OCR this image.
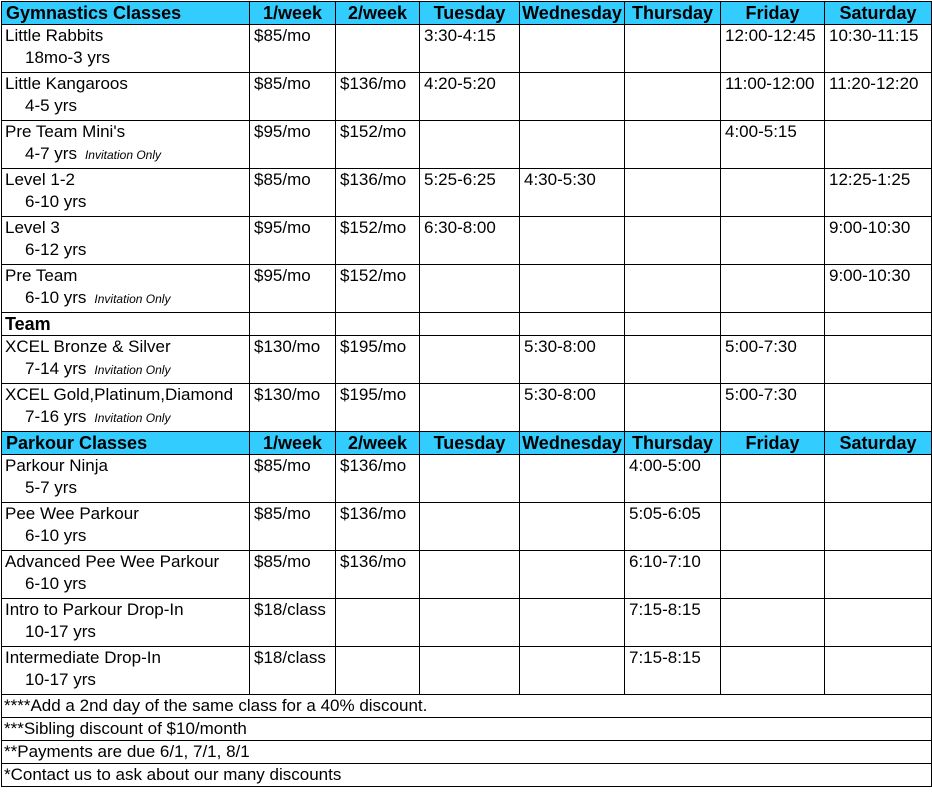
Gymnastics Classes	1/week	2/week	Tuesday	Wednesday	Thursday	Friday	Saturday
Little Rabbits
18mo-3 yrs	$85/mo		3:30-4:15			12:00-12:45	10:30-11:15
Little Kangaroos
4-5 yrs	$85/mo	$136/mo	4:20-5:20			11:00-12:00	11:20-12:20
Pre Team Mini's
4-7 yrs Invitation Only	$95/mo	$152/mo				4:00-5:15	
Level 1-2
6-10 yrs	$85/mo	$136/mo	5:25-6:25	4:30-5:30			12:25-1:25
Level 3
6-12 yrs	$95/mo	$152/mo	6:30-8:00				9:00-10:30
Pre Team
6-10 yrs Invitation Only	$95/mo	$152/mo					9:00-10:30
Team							
XCEL Bronze & Silver
7-14 yrs Invitation Only	$130/mo	$195/mo		5:30-8:00		5:00-7:30	
XCEL Gold,Platinum,Diamond
7-16 yrs Invitation Only	$130/mo	$195/mo		5:30-8:00		5:00-7:30	
Parkour Classes	1/week	2/week	Tuesday	Wednesday	Thursday	Friday	Saturday
Parkour Ninja
5-7 yrs	$85/mo	$136/mo			4:00-5:00		
Pee Wee Parkour
6-10 yrs	$85/mo	$136/mo			5:05-6:05		
Advanced Pee Wee Parkour
6-10 yrs	$85/mo	$136/mo			6:10-7:10		
Intro to Parkour Drop-In
10-17 yrs	$18/class				7:15-8:15		
Intermediate Drop-In
10-17 yrs	$18/class				7:15-8:15		
****Add a 2nd day of the same class for a 40% discount.							
***Sibling discount of $10/month							
**Payments are due 6/1, 7/1, 8/1							
*Contact us to ask about our many discounts							
